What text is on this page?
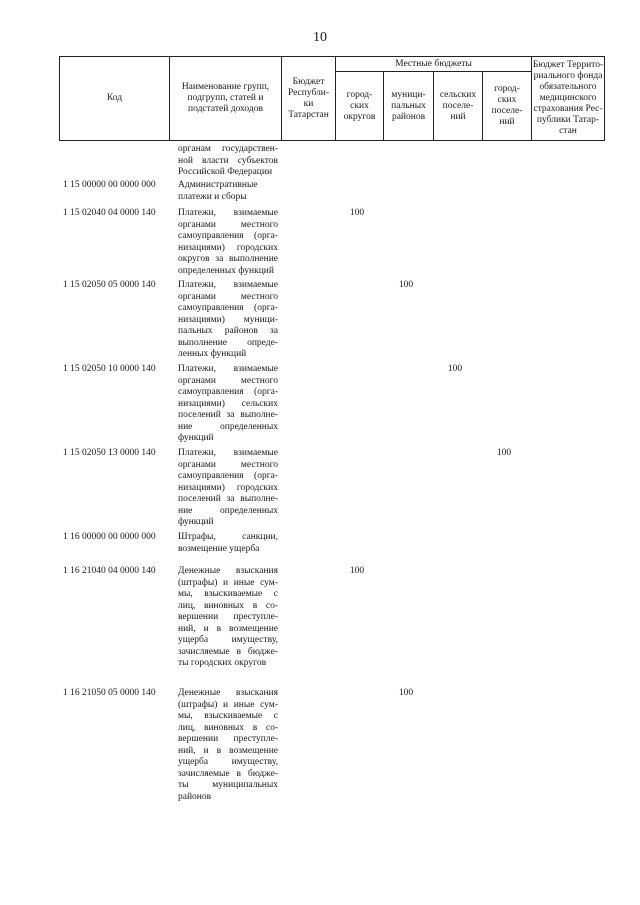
10
Код
Наименование групп,
подгрупп, статей и
подстатей доходов
Бюджет
Республи-
ки
Татарстан
Местные бюджеты
город-
ских
округов
муници-
пальных
районов
сельских
поселе-
ний
город-
ских
поселе-
ний
Бюджет Террито-
риального фонда
обязательного
медицинского
страхования Рес-
публики Татар-
стан
органам государствен-
ной власти субъектов
Российской Федерации
1 15 00000 00 0000 000 Административные
платежи и сборы
1 15 02040 04 0000 140 Платежи, взимаемые
органами местного
самоуправления (орга-
низациями) городских
округов за выполнение
определенных функций
100
1 15 02050 05 0000 140 Платежи, взимаемые
органами местного
самоуправления (орга-
низациями) муници-
пальных районов за
выполнение опреде-
ленных функций
100
1 15 02050 10 0000 140 Платежи, взимаемые
органами местного
самоуправления (орга-
низациями) сельских
поселений за выполне-
ние определенных
функций
100
1 15 02050 13 0000 140 Платежи, взимаемые
органами местного
самоуправления (орга-
низациями) городских
поселений за выполне-
ние определенных
функций
100
1 16 00000 00 0000 000 Штрафы, санкции,
возмещение ущерба
1 16 21040 04 0000 140 Денежные взыскания
(штрафы) и иные сум-
мы, взыскиваемые с
лиц, виновных в со-
вершении преступле-
ний, и в возмещение
ущерба имуществу,
зачисляемые в бюдже-
ты городских округов
100
1 16 21050 05 0000 140 Денежные взыскания
(штрафы) и иные сум-
мы, взыскиваемые с
лиц, виновных в со-
вершении преступле-
ний, и в возмещение
ущерба имуществу,
зачисляемые в бюдже-
ты муниципальных
районов
100
